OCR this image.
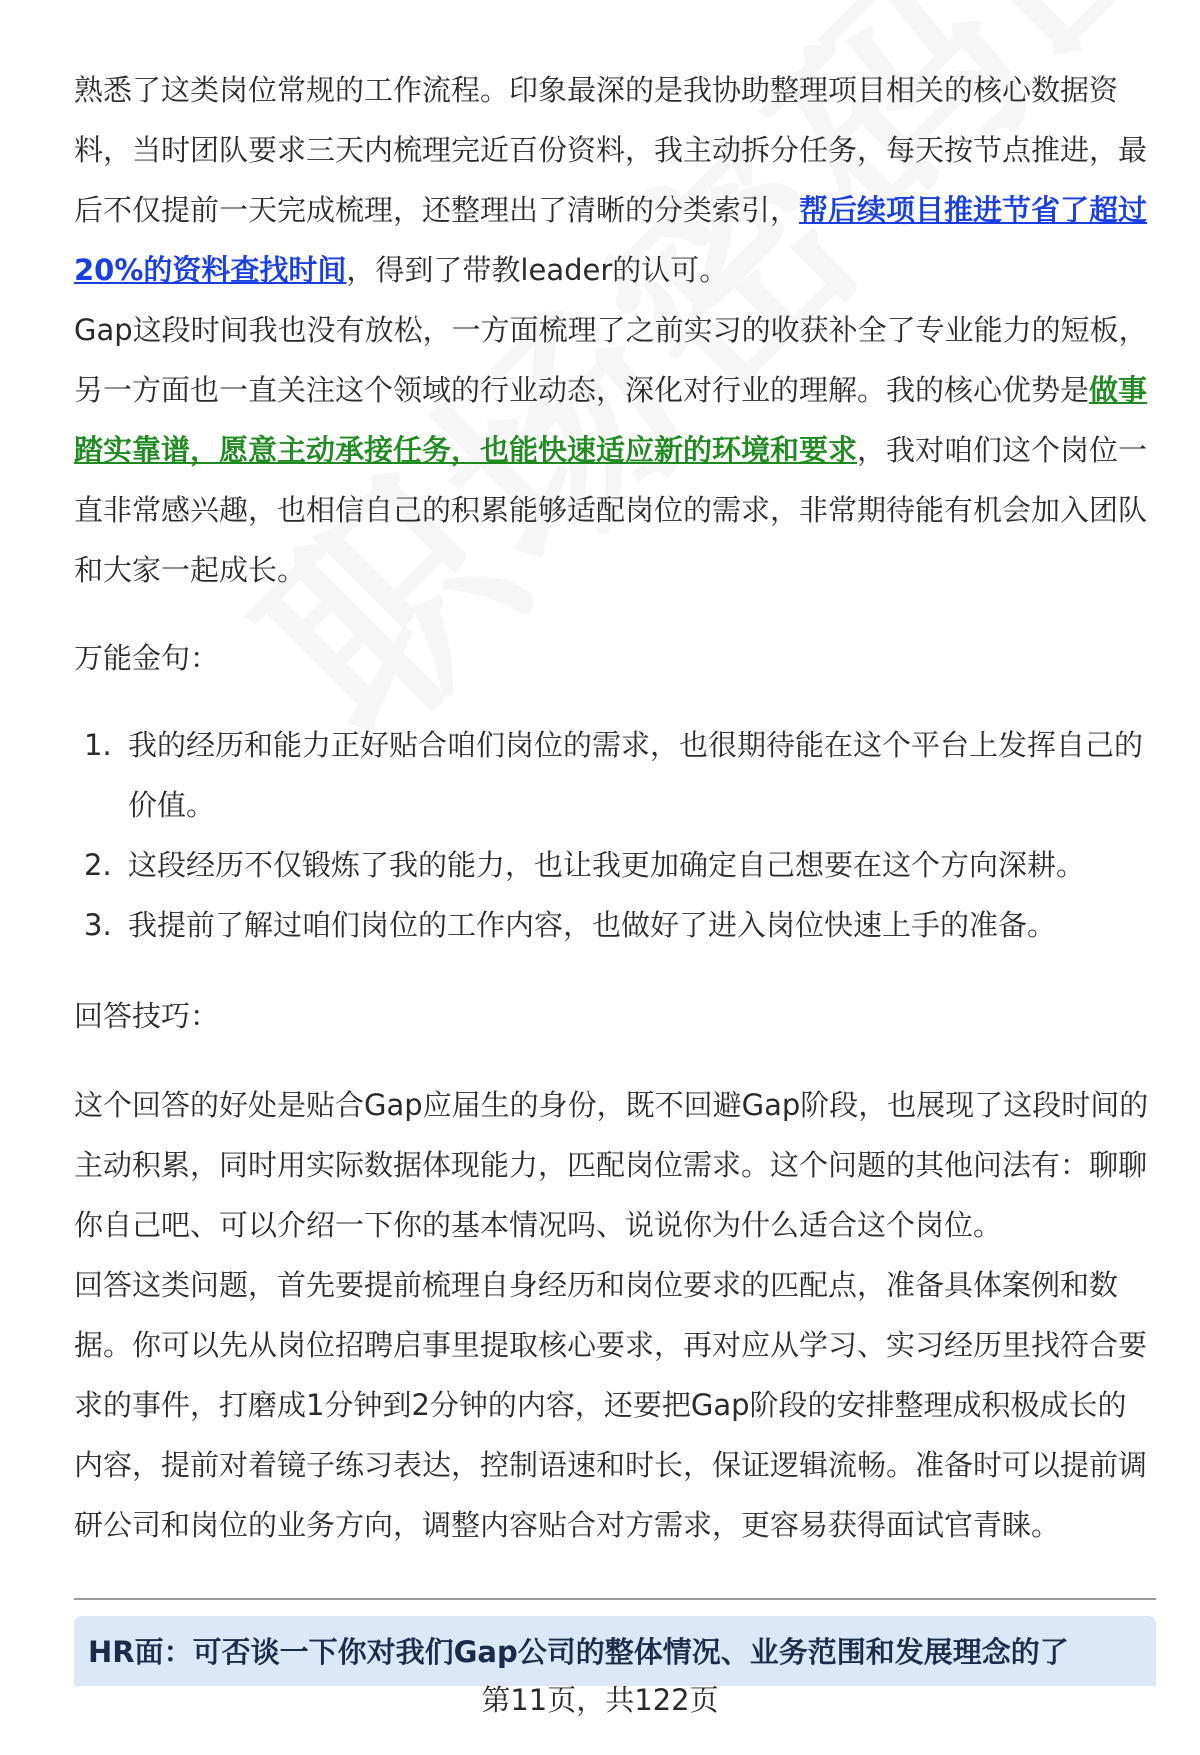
熟悉了这类岗位常规的工作流程。印象最深的是我协助整理项目相关的核心数据资料，当时团队要求三天内梳理完近百份资料，我主动拆分任务，每天按节点推进，最后不仅提前一天完成梳理，还整理出了清晰的分类索引，帮后续项目推进节省了超过20%的资料查找时间，得到了带教leader的认可。

Gap这段时间我也没有放松，一方面梳理了之前实习的收获补全了专业能力的短板，另一方面也一直关注这个领域的行业动态，深化对行业的理解。我的核心优势是做事踏实靠谱，愿意主动承接任务，也能快速适应新的环境和要求，我对咱们这个岗位一直非常感兴趣，也相信自己的积累能够适配岗位的需求，非常期待能有机会加入团队和大家一起成长。

万能金句：
1. 我的经历和能力正好贴合咱们岗位的需求，也很期待能在这个平台上发挥自己的价值。
2. 这段经历不仅锻炼了我的能力，也让我更加确定自己想要在这个方向深耕。
3. 我提前了解过咱们岗位的工作内容，也做好了进入岗位快速上手的准备。
回答技巧：

这个回答的好处是贴合Gap应届生的身份，既不回避Gap阶段，也展现了这段时间的主动积累，同时用实际数据体现能力，匹配岗位需求。这个问题的其他问法有：聊聊你自己吧、可以介绍一下你的基本情况吗、说说你为什么适合这个岗位。

回答这类问题，首先要提前梳理自身经历和岗位要求的匹配点，准备具体案例和数据。你可以先从岗位招聘启事里提取核心要求，再对应从学习、实习经历里找符合要求的事件，打磨成1分钟到2分钟的内容，还要把Gap阶段的安排整理成积极成长的内容，提前对着镜子练习表达，控制语速和时长，保证逻辑流畅。准备时可以提前调研公司和岗位的业务方向，调整内容贴合对方需求，更容易获得面试官青睐。

HR面：可否谈一下你对我们Gap公司的整体情况、业务范围和发展理念的了
第11页，共122页
